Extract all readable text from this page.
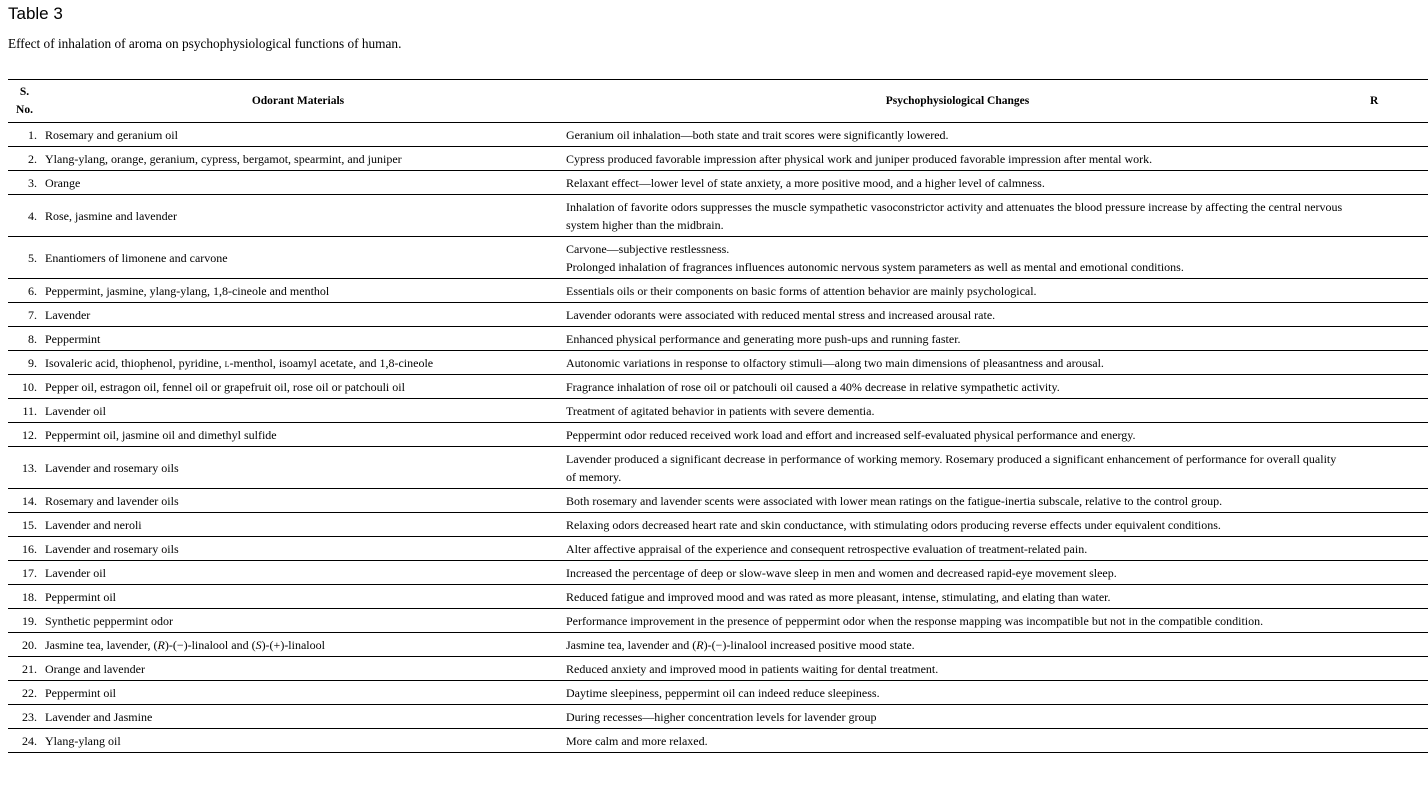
Table 3

Effect of inhalation of aroma on psychophysiological functions of human.

S.
No.	Odorant Materials	Psychophysiological Changes	R
1.	Rosemary and geranium oil	Geranium oil inhalation—both state and trait scores were significantly lowered.	

2.	Ylang-ylang, orange, geranium, cypress, bergamot, spearmint, and juniper	Cypress produced favorable impression after physical work and juniper produced favorable impression after mental work.	

3.	Orange	Relaxant effect—lower level of state anxiety, a more positive mood, and a higher level of calmness.	

4.	Rose, jasmine and lavender	Inhalation of favorite odors suppresses the muscle sympathetic vasoconstrictor activity and attenuates the blood pressure increase by affecting the central nervous system higher than the midbrain.	

5.	Enantiomers of limonene and carvone	Carvone—subjective restlessness.
Prolonged inhalation of fragrances influences autonomic nervous system parameters as well as mental and emotional conditions.	

6.	Peppermint, jasmine, ylang-ylang, 1,8-cineole and menthol	Essentials oils or their components on basic forms of attention behavior are mainly psychological.	

7.	Lavender	Lavender odorants were associated with reduced mental stress and increased arousal rate.	

8.	Peppermint	Enhanced physical performance and generating more push-ups and running faster.	

9.	Isovaleric acid, thiophenol, pyridine, l-menthol, isoamyl acetate, and 1,8-cineole	Autonomic variations in response to olfactory stimuli—along two main dimensions of pleasantness and arousal.	

10.	Pepper oil, estragon oil, fennel oil or grapefruit oil, rose oil or patchouli oil	Fragrance inhalation of rose oil or patchouli oil caused a 40% decrease in relative sympathetic activity.	

11.	Lavender oil	Treatment of agitated behavior in patients with severe dementia.	

12.	Peppermint oil, jasmine oil and dimethyl sulfide	Peppermint odor reduced received work load and effort and increased self-evaluated physical performance and energy.	

13.	Lavender and rosemary oils	Lavender produced a significant decrease in performance of working memory. Rosemary produced a significant enhancement of performance for overall quality of memory.	

14.	Rosemary and lavender oils	Both rosemary and lavender scents were associated with lower mean ratings on the fatigue-inertia subscale, relative to the control group.	

15.	Lavender and neroli	Relaxing odors decreased heart rate and skin conductance, with stimulating odors producing reverse effects under equivalent conditions.	

16.	Lavender and rosemary oils	Alter affective appraisal of the experience and consequent retrospective evaluation of treatment-related pain.	

17.	Lavender oil	Increased the percentage of deep or slow-wave sleep in men and women and decreased rapid-eye movement sleep.	

18.	Peppermint oil	Reduced fatigue and improved mood and was rated as more pleasant, intense, stimulating, and elating than water.	

19.	Synthetic peppermint odor	Performance improvement in the presence of peppermint odor when the response mapping was incompatible but not in the compatible condition.	

20.	Jasmine tea, lavender, (R)-(−)-linalool and (S)-(+)-linalool	Jasmine tea, lavender and (R)-(−)-linalool increased positive mood state.	
21.	Orange and lavender	Reduced anxiety and improved mood in patients waiting for dental treatment.	

22.	Peppermint oil	Daytime sleepiness, peppermint oil can indeed reduce sleepiness.	

23.	Lavender and Jasmine	During recesses—higher concentration levels for lavender group	

24.	Ylang-ylang oil	More calm and more relaxed.	
